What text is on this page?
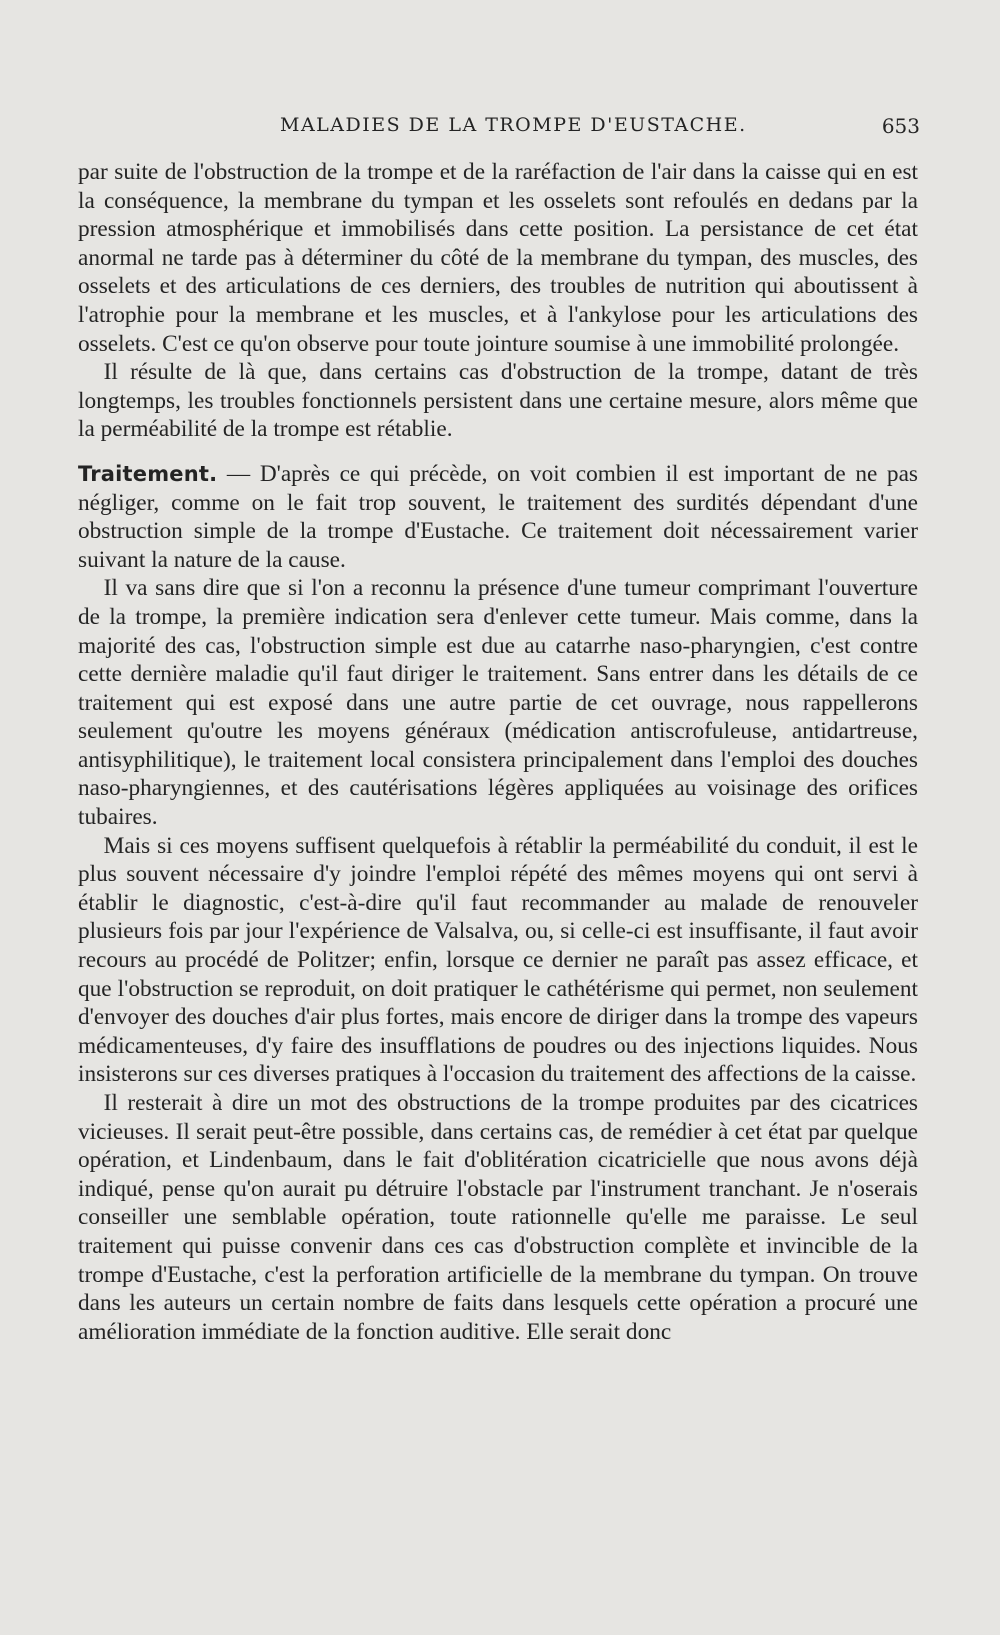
MALADIES DE LA TROMPE D'EUSTACHE.	653

par suite de l'obstruction de la trompe et de la raréfaction de l'air dans la caisse qui en est la conséquence, la membrane du tympan et les osselets sont refoulés en dedans par la pression atmosphérique et immobilisés dans cette position. La persistance de cet état anormal ne tarde pas à déterminer du côté de la membrane du tympan, des muscles, des osselets et des articulations de ces derniers, des troubles de nutrition qui aboutissent à l'atrophie pour la membrane et les muscles, et à l'ankylose pour les articulations des osselets. C'est ce qu'on observe pour toute jointure soumise à une immobilité prolongée.

Il résulte de là que, dans certains cas d'obstruction de la trompe, datant de très longtemps, les troubles fonctionnels persistent dans une certaine mesure, alors même que la perméabilité de la trompe est rétablie.

Traitement. — D'après ce qui précède, on voit combien il est important de ne pas négliger, comme on le fait trop souvent, le traitement des surdités dépendant d'une obstruction simple de la trompe d'Eustache. Ce traitement doit nécessairement varier suivant la nature de la cause.

Il va sans dire que si l'on a reconnu la présence d'une tumeur comprimant l'ouverture de la trompe, la première indication sera d'enlever cette tumeur. Mais comme, dans la majorité des cas, l'obstruction simple est due au catarrhe naso-pharyngien, c'est contre cette dernière maladie qu'il faut diriger le traitement. Sans entrer dans les détails de ce traitement qui est exposé dans une autre partie de cet ouvrage, nous rappellerons seulement qu'outre les moyens généraux (médication antiscrofuleuse, antidartreuse, antisyphilitique), le traitement local consistera principalement dans l'emploi des douches naso-pharyngiennes, et des cautérisations légères appliquées au voisinage des orifices tubaires.

Mais si ces moyens suffisent quelquefois à rétablir la perméabilité du conduit, il est le plus souvent nécessaire d'y joindre l'emploi répété des mêmes moyens qui ont servi à établir le diagnostic, c'est-à-dire qu'il faut recommander au malade de renouveler plusieurs fois par jour l'expérience de Valsalva, ou, si celle-ci est insuffisante, il faut avoir recours au procédé de Politzer; enfin, lorsque ce dernier ne paraît pas assez efficace, et que l'obstruction se reproduit, on doit pratiquer le cathétérisme qui permet, non seulement d'envoyer des douches d'air plus fortes, mais encore de diriger dans la trompe des vapeurs médicamenteuses, d'y faire des insufflations de poudres ou des injections liquides. Nous insisterons sur ces diverses pratiques à l'occasion du traitement des affections de la caisse.

Il resterait à dire un mot des obstructions de la trompe produites par des cicatrices vicieuses. Il serait peut-être possible, dans certains cas, de remédier à cet état par quelque opération, et Lindenbaum, dans le fait d'oblitération cicatricielle que nous avons déjà indiqué, pense qu'on aurait pu détruire l'obstacle par l'instrument tranchant. Je n'oserais conseiller une semblable opération, toute rationnelle qu'elle me paraisse. Le seul traitement qui puisse convenir dans ces cas d'obstruction complète et invincible de la trompe d'Eustache, c'est la perforation artificielle de la membrane du tympan. On trouve dans les auteurs un certain nombre de faits dans lesquels cette opération a procuré une amélioration immédiate de la fonction auditive. Elle serait donc
